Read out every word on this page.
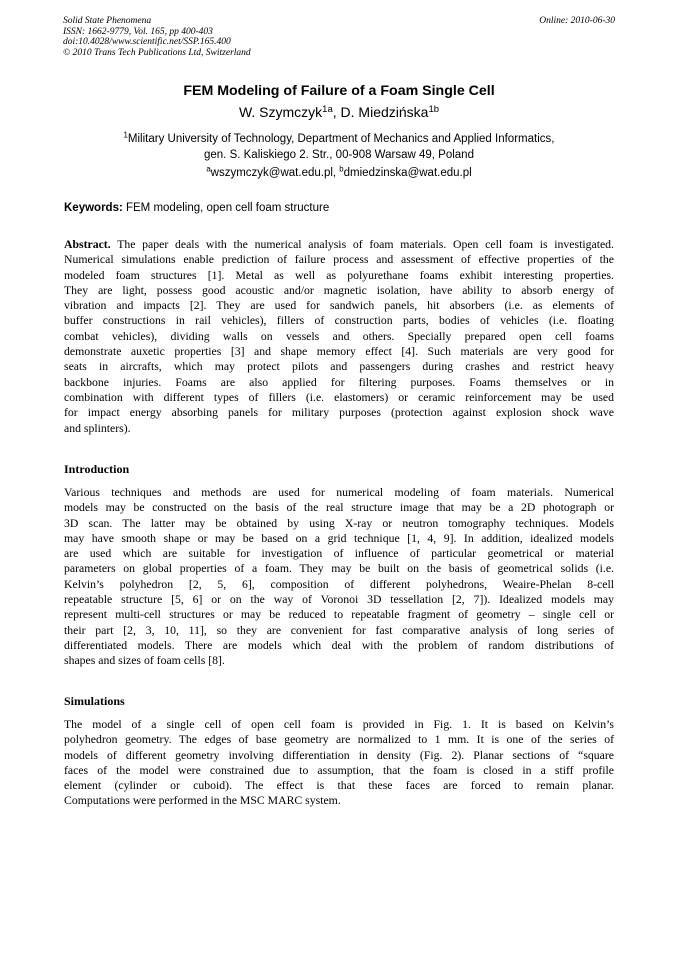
Solid State Phenomena
ISSN: 1662-9779, Vol. 165, pp 400-403
doi:10.4028/www.scientific.net/SSP.165.400
© 2010 Trans Tech Publications Ltd, Switzerland
Online: 2010-06-30
FEM Modeling of Failure of a Foam Single Cell
W. Szymczyk$^{1a}$, D. Miedzińska$^{1b}$
$^1$Military University of Technology, Department of Mechanics and Applied Informatics,
gen. S. Kaliskiego 2. Str., 00-908 Warsaw 49, Poland
$^a$wszymczyk@wat.edu.pl, $^b$dmiedzinska@wat.edu.pl
Keywords: FEM modeling, open cell foam structure
Abstract. The paper deals with the numerical analysis of foam materials. Open cell foam is investigated.
Numerical simulations enable prediction of failure process and assessment of effective properties of the
modeled foam structures [1]. Metal as well as polyurethane foams exhibit interesting properties.
They are light, possess good acoustic and/or magnetic isolation, have ability to absorb energy of
vibration and impacts [2]. They are used for sandwich panels, hit absorbers (i.e. as elements of
buffer constructions in rail vehicles), fillers of construction parts, bodies of vehicles (i.e. floating
combat vehicles), dividing walls on vessels and others. Specially prepared open cell foams
demonstrate auxetic properties [3] and shape memory effect [4]. Such materials are very good for
seats in aircrafts, which may protect pilots and passengers during crashes and restrict heavy
backbone injuries. Foams are also applied for filtering purposes. Foams themselves or in
combination with different types of fillers (i.e. elastomers) or ceramic reinforcement may be used
for impact energy absorbing panels for military purposes (protection against explosion shock wave
and splinters).
Introduction
Various techniques and methods are used for numerical modeling of foam materials. Numerical
models may be constructed on the basis of the real structure image that may be a 2D photograph or
3D scan. The latter may be obtained by using X-ray or neutron tomography techniques. Models
may have smooth shape or may be based on a grid technique [1, 4, 9]. In addition, idealized models
are used which are suitable for investigation of influence of particular geometrical or material
parameters on global properties of a foam. They may be built on the basis of geometrical solids (i.e.
Kelvin’s polyhedron [2, 5, 6], composition of different polyhedrons, Weaire-Phelan 8-cell
repeatable structure [5, 6] or on the way of Voronoi 3D tessellation [2, 7]). Idealized models may
represent multi-cell structures or may be reduced to repeatable fragment of geometry – single cell or
their part [2, 3, 10, 11], so they are convenient for fast comparative analysis of long series of
differentiated models. There are models which deal with the problem of random distributions of
shapes and sizes of foam cells [8].
Simulations
The model of a single cell of open cell foam is provided in Fig. 1. It is based on Kelvin’s
polyhedron geometry. The edges of base geometry are normalized to 1 mm. It is one of the series of
models of different geometry involving differentiation in density (Fig. 2). Planar sections of “square
faces of the model were constrained due to assumption, that the foam is closed in a stiff profile
element (cylinder or cuboid). The effect is that these faces are forced to remain planar.
Computations were performed in the MSC MARC system.
